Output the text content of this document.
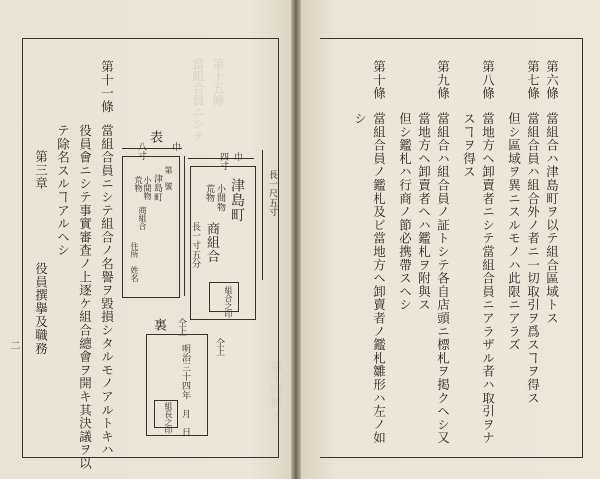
第十五條
當組合員ニシテ
第十四條ノ
第六條
當組合ハ津島町ヲ以テ組合區域トス
第七條
當組合員ハ組合外ノ者ニ一切取引ヲ爲スヿヲ得ス
但シ區域ヲ異ニスルモノハ此限ニアラズ
第八條
當地方ヘ卸賣者ニシテ當組合員ニアラザル者ハ取引ヲナ
スヿヲ得ス
第九條
當組合ハ組合員ノ証トシテ各自店頭ニ標札ヲ掲クヘシ又
當地方ヘ卸賣者ヘハ鑑札ヲ附與ス
但シ鑑札ハ行商ノ節必携帶スヘシ
第十條
當組合員ノ鑑札及ビ當地方ヘ卸賣者ノ鑑札雛形ハ左ノ如
シ
長一尺五寸
巾
四寸
津島町
小間物
荒物
商組合
組合之印
裏 仝上
仝上
明治三十四年　月　日
組長之印
表
巾
八寸
長一寸五分
第　號
津島町
小間物
荒物
商組合
住所
姓名
第十一條
當組合員ニシテ組合ノ名譽ヲ毀損シタルモノアルトキハ
役員會ニシテ事實審査ノ上逐ケ組合總會ヲ開キ其決議ヲ以
テ除名スルヿアルヘシ
第三章
役員撰擧及職務
二
